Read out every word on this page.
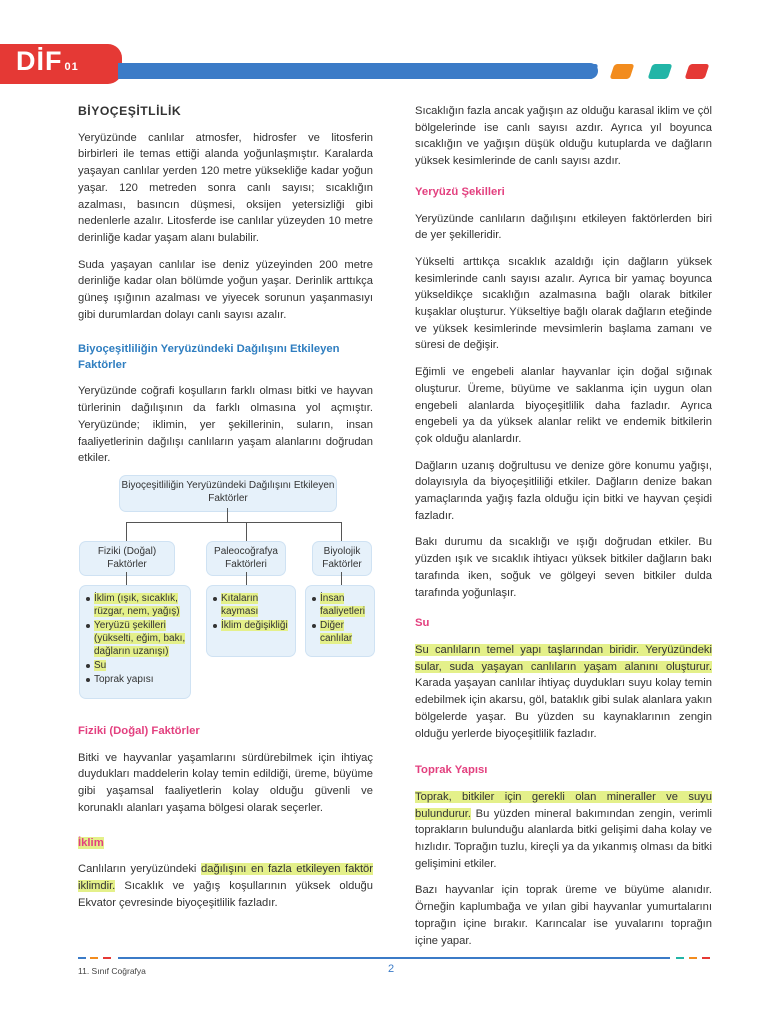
DİF 01
BİYOÇEŞİTLİLİK

Yeryüzünde canlılar atmosfer, hidrosfer ve litosferin birbirleri ile temas ettiği alanda yoğunlaşmıştır. Karalarda yaşayan canlılar yerden 120 metre yüksekliğe kadar yoğun yaşar. 120 metreden sonra canlı sayısı; sıcaklığın azalması, basıncın düşmesi, oksijen yetersizliği gibi nedenlerle azalır. Litosferde ise canlılar yüzeyden 10 metre derinliğe kadar yaşam alanı bulabilir.

Suda yaşayan canlılar ise deniz yüzeyinden 200 metre derinliğe kadar olan bölümde yoğun yaşar. Derinlik arttıkça güneş ışığının azalması ve yiyecek sorunun yaşanmasıyı gibi durumlardan dolayı canlı sayısı azalır.

Biyoçeşitliliğin Yeryüzündeki Dağılışını Etkileyen Faktörler

Yeryüzünde coğrafi koşulların farklı olması bitki ve hayvan türlerinin dağılışının da farklı olmasına yol açmıştır. Yeryüzünde; iklimin, yer şekillerinin, suların, insan faaliyetlerinin dağılışı canlıların yaşam alanlarını doğrudan etkiler.

Biyoçeşitliliğin Yeryüzündeki Dağılışını Etkileyen Faktörler
Fiziki (Doğal) Faktörler
Paleocoğrafya Faktörleri
Biyolojik Faktörler
İklim (ışık, sıcaklık, rüzgar, nem, yağış)
Yeryüzü şekilleri (yükselti, eğim, bakı, dağların uzanışı)
Su
Toprak yapısı
Kıtaların kayması
İklim değişikliği
İnsan faaliyetleri
Diğer canlılar
Fiziki (Doğal) Faktörler

Bitki ve hayvanlar yaşamlarını sürdürebilmek için ihtiyaç duydukları maddelerin kolay temin edildiği, üreme, büyüme gibi yaşamsal faaliyetlerin kolay olduğu güvenli ve korunaklı alanları yaşama bölgesi olarak seçerler.

İklim

Canlıların yeryüzündeki dağılışını en fazla etkileyen faktör iklimdir. Sıcaklık ve yağış koşullarının yüksek olduğu Ekvator çevresinde biyoçeşitlilik fazladır.

Sıcaklığın fazla ancak yağışın az olduğu karasal iklim ve çöl bölgelerinde ise canlı sayısı azdır. Ayrıca yıl boyunca sıcaklığın ve yağışın düşük olduğu kutuplarda ve dağların yüksek kesimlerinde de canlı sayısı azdır.

Yeryüzü Şekilleri

Yeryüzünde canlıların dağılışını etkileyen faktörlerden biri de yer şekilleridir.

Yükselti arttıkça sıcaklık azaldığı için dağların yüksek kesimlerinde canlı sayısı azalır. Ayrıca bir yamaç boyunca yükseldikçe sıcaklığın azalmasına bağlı olarak bitkiler kuşaklar oluşturur. Yükseltiye bağlı olarak dağların eteğinde ve yüksek kesimlerinde mevsimlerin başlama zamanı ve süresi de değişir.

Eğimli ve engebeli alanlar hayvanlar için doğal sığınak oluşturur. Üreme, büyüme ve saklanma için uygun olan engebeli alanlarda biyoçeşitlilik daha fazladır. Ayrıca engebeli ya da yüksek alanlar relikt ve endemik bitkilerin çok olduğu alanlardır.

Dağların uzanış doğrultusu ve denize göre konumu yağışı, dolayısıyla da biyoçeşitliliği etkiler. Dağların denize bakan yamaçlarında yağış fazla olduğu için bitki ve hayvan çeşidi fazladır.

Bakı durumu da sıcaklığı ve ışığı doğrudan etkiler. Bu yüzden ışık ve sıcaklık ihtiyacı yüksek bitkiler dağların bakı tarafında iken, soğuk ve gölgeyi seven bitkiler dulda tarafında yoğunlaşır.

Su

Su canlıların temel yapı taşlarından biridir. Yeryüzündeki sular, suda yaşayan canlıların yaşam alanını oluşturur. Karada yaşayan canlılar ihtiyaç duydukları suyu kolay temin edebilmek için akarsu, göl, bataklık gibi sulak alanlara yakın bölgelerde yaşar. Bu yüzden su kaynaklarının zengin olduğu yerlerde biyoçeşitlilik fazladır.

Toprak Yapısı

Toprak, bitkiler için gerekli olan mineraller ve suyu bulundurur. Bu yüzden mineral bakımından zengin, verimli toprakların bulunduğu alanlarda bitki gelişimi daha kolay ve hızlıdır. Toprağın tuzlu, kireçli ya da yıkanmış olması da bitki gelişimini etkiler.

Bazı hayvanlar için toprak üreme ve büyüme alanıdır. Örneğin kaplumbağa ve yılan gibi hayvanlar yumurtalarını toprağın içine bırakır. Karıncalar ise yuvalarını toprağın içine yapar.

11. Sınıf Coğrafya	2
